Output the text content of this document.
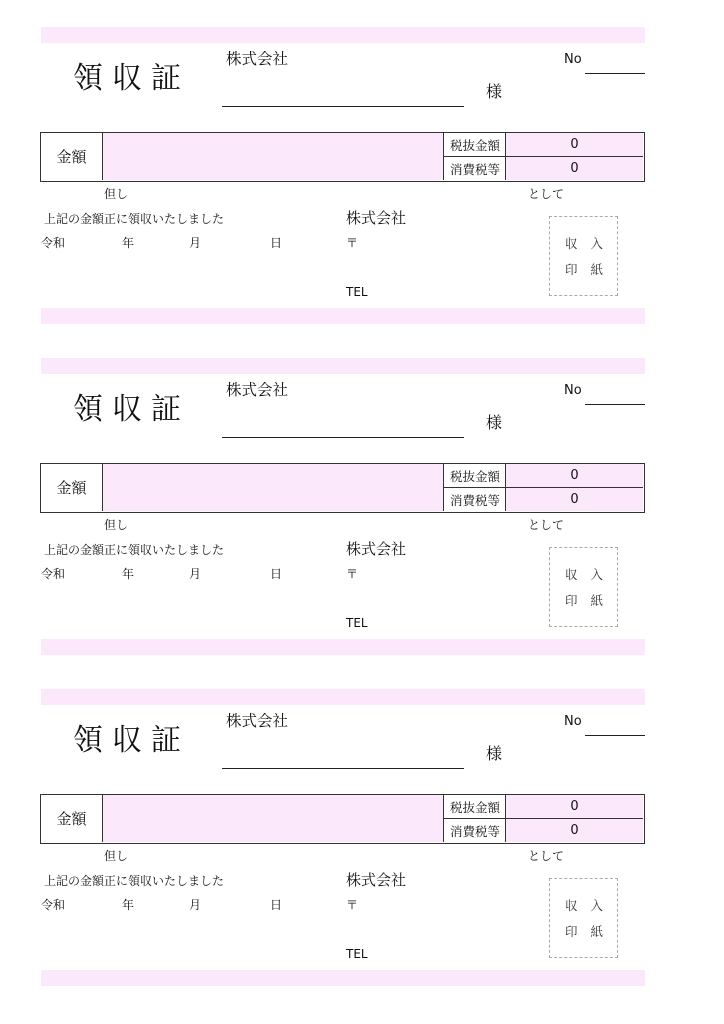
領収証
株式会社
様
No
金額
税抜金額	0
消費税等	0
但し	として
上記の金額正に領収いたしました
令和	年	月	日
株式会社
〒
TEL
収入
印紙
領収証
株式会社
様
No
金額
税抜金額	0
消費税等	0
但し	として
上記の金額正に領収いたしました
令和	年	月	日
株式会社
〒
TEL
収入
印紙
領収証
株式会社
様
No
金額
税抜金額	0
消費税等	0
但し	として
上記の金額正に領収いたしました
令和	年	月	日
株式会社
〒
TEL
収入
印紙
